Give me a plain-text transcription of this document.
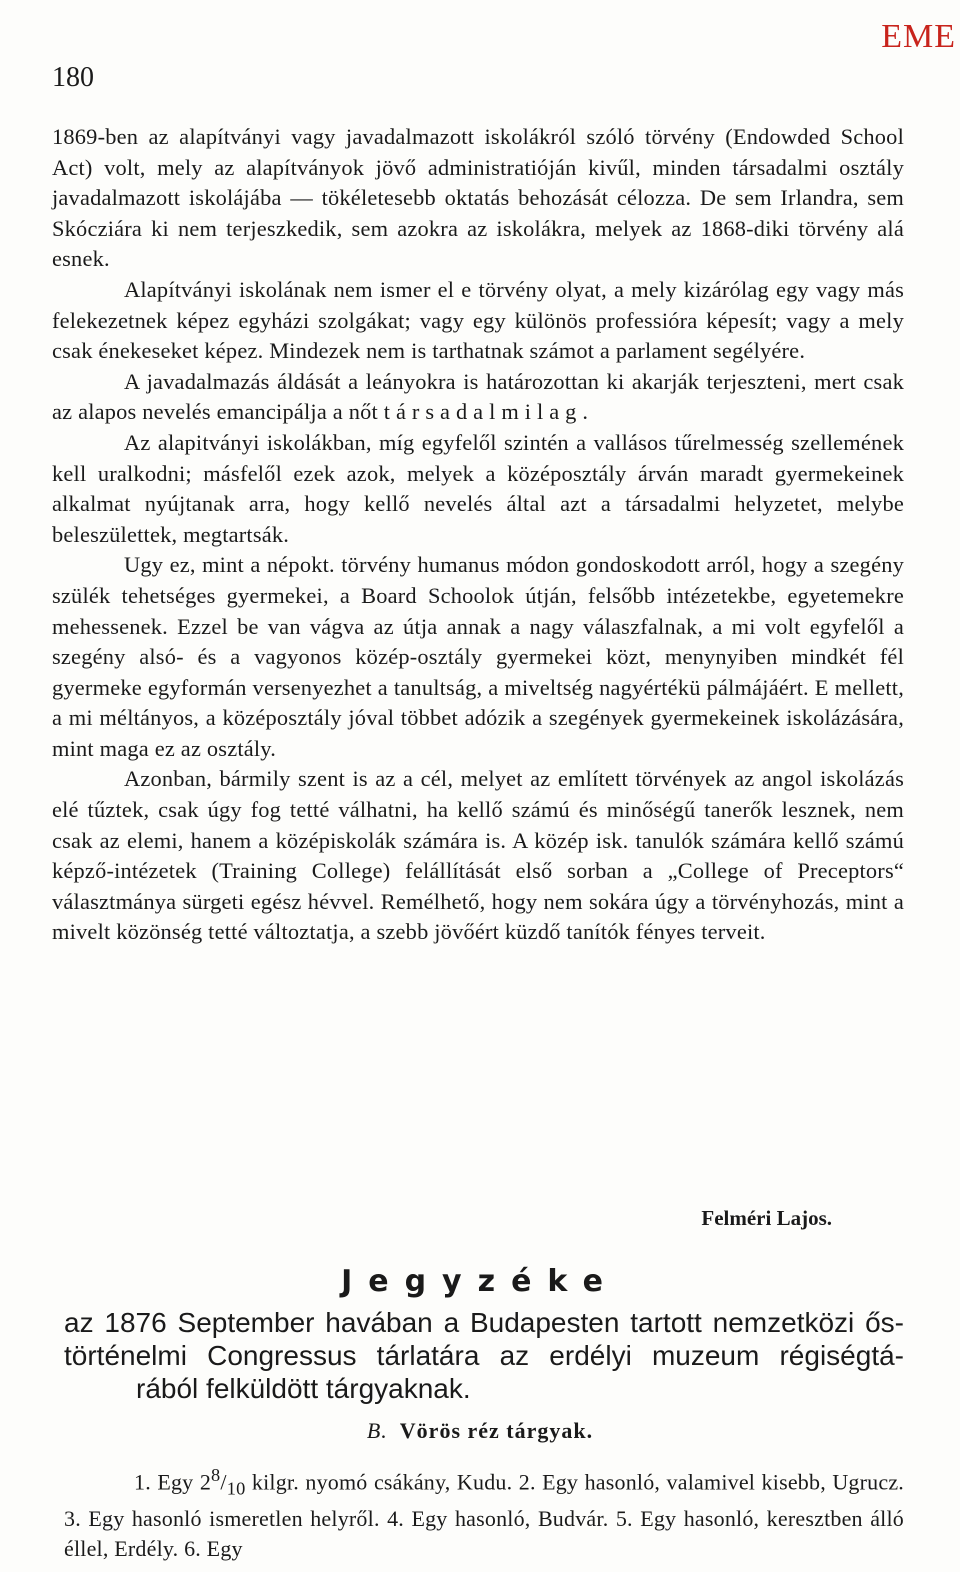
180
EME

1869-ben az alapítványi vagy javadalmazott iskolákról szóló törvény (Endowded School Act) volt, mely az alapítványok jövő administratióján kivűl, minden társadalmi osztály javadalmazott iskolájába — tökéletesebb oktatás behozását célozza. De sem Irlandra, sem Skócziára ki nem terjeszkedik, sem azokra az iskolákra, melyek az 1868-diki törvény alá esnek.

Alapítványi iskolának nem ismer el e törvény olyat, a mely kizárólag egy vagy más felekezetnek képez egyházi szolgákat; vagy egy különös professióra képesít; vagy a mely csak énekeseket képez. Mindezek nem is tarthatnak számot a parlament segélyére.

A javadalmazás áldását a leányokra is határozottan ki akarják terjeszteni, mert csak az alapos nevelés emancipálja a nőt társadalmilag.

Az alapitványi iskolákban, míg egyfelől szintén a vallásos tűrelmesség szellemének kell uralkodni; másfelől ezek azok, melyek a középosztály árván maradt gyermekeinek alkalmat nyújtanak arra, hogy kellő nevelés által azt a társadalmi helyzetet, melybe beleszülettek, megtartsák.

Ugy ez, mint a népokt. törvény humanus módon gondoskodott arról, hogy a szegény szülék tehetséges gyermekei, a Board Schoolok útján, felsőbb intézetekbe, egyetemekre mehessenek. Ezzel be van vágva az útja annak a nagy válaszfalnak, a mi volt egyfelől a szegény alsó- és a vagyonos közép-osztály gyermekei közt, menynyiben mindkét fél gyermeke egyformán versenyezhet a tanultság, a miveltség nagyértékü pálmájáért. E mellett, a mi méltányos, a középosztály jóval többet adózik a szegények gyermekeinek iskolázására, mint maga ez az osztály.

Azonban, bármily szent is az a cél, melyet az említett törvények az angol iskolázás elé tűztek, csak úgy fog tetté válhatni, ha kellő számú és minőségű tanerők lesznek, nem csak az elemi, hanem a középiskolák számára is. A közép isk. tanulók számára kellő számú képző-intézetek (Training College) felállítását első sorban a „College of Preceptors“ választmánya sürgeti egész hévvel. Remélhető, hogy nem sokára úgy a törvényhozás, mint a mivelt közönség tetté változtatja, a szebb jövőért küzdő tanítók fényes terveit.

Felméri Lajos.
Jegyzéke
az 1876 September havában a Budapesten tartott nemzetközi ős-
történelmi Congressus tárlatára az erdélyi muzeum régiségtá-
rából felküldött tárgyaknak.
B. Vörös réz tárgyak.

1. Egy $2^8/_{10}$ kilgr. nyomó csákány, Kudu. 2. Egy hasonló, valamivel kisebb, Ugrucz. 3. Egy hasonló ismeretlen helyről. 4. Egy hasonló, Budvár. 5. Egy hasonló, keresztben álló éllel, Erdély. 6. Egy
